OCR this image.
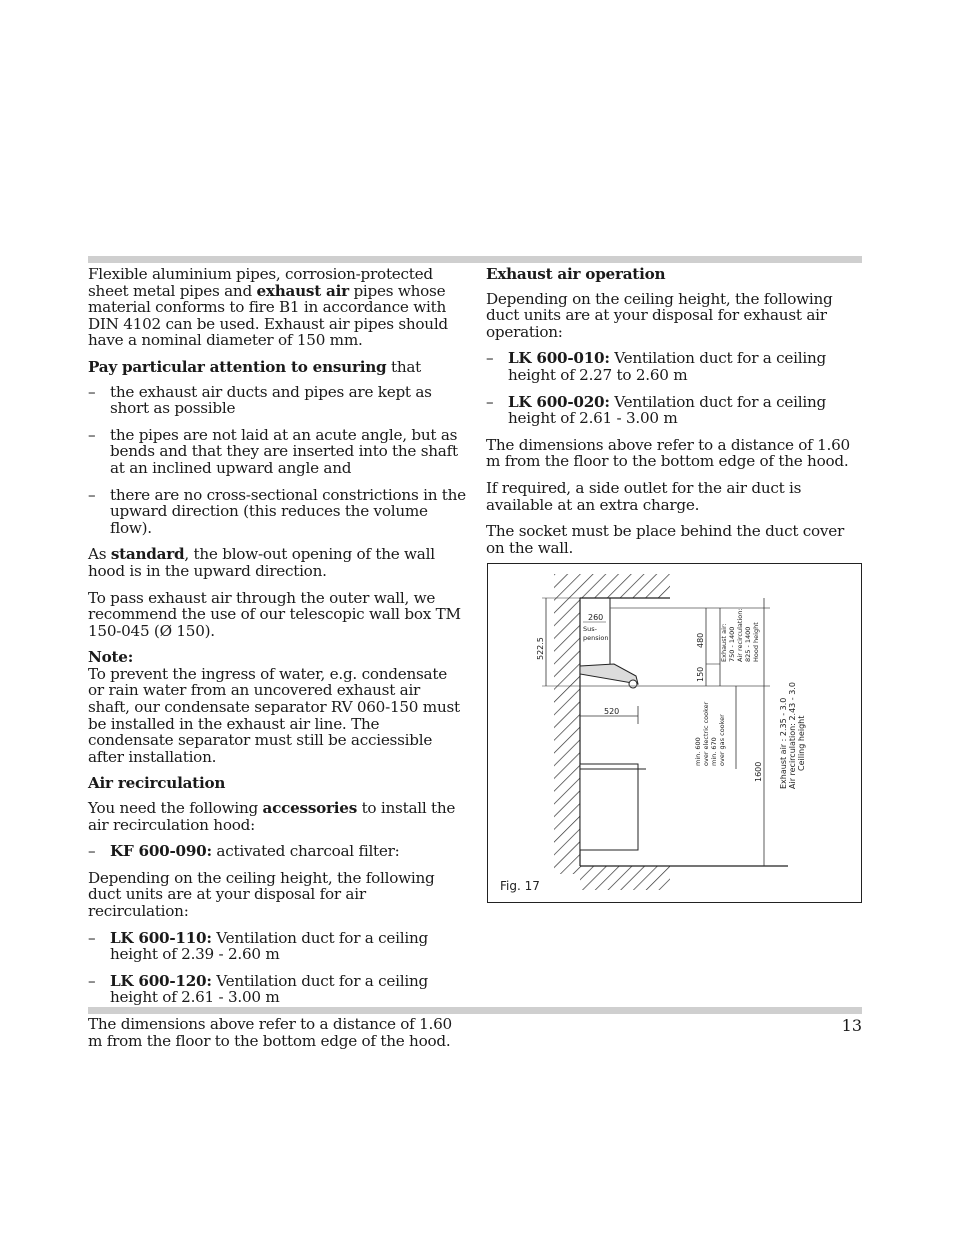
Flexible aluminium pipes, corrosion-protected sheet metal pipes and exhaust air pipes whose material conforms to fire B1 in accordance with DIN 4102 can be used. Exhaust air pipes should have a nominal diameter of 150 mm.

Pay particular attention to ensuring that

– the exhaust air ducts and pipes are kept as short as possible
– the pipes are not laid at an acute angle, but as bends and that they are inserted into the shaft at an inclined upward angle and
– there are no cross-sectional constrictions in the upward direction (this reduces the volume flow).

As standard, the blow-out opening of the wall hood is in the upward direction.

To pass exhaust air through the outer wall, we recommend the use of our telescopic wall box TM 150-045 (Ø 150).

Note:
To prevent the ingress of water, e.g. condensate or rain water from an uncovered exhaust air shaft, our condensate separator RV 060-150 must be installed in the exhaust air line. The condensate separator must still be acciessible after installation.

Air recirculation

You need the following accessories to install the air recirculation hood:

– KF 600-090: activated charcoal filter:

Depending on the ceiling height, the following duct units are at your disposal for air recirculation:

– LK 600-110: Ventilation duct for a ceiling height of 2.39 - 2.60 m
– LK 600-120: Ventilation duct for a ceiling height of 2.61 - 3.00 m

The dimensions above refer to a distance of 1.60 m from the floor to the bottom edge of the hood.

Exhaust air operation

Depending on the ceiling height, the following duct units are at your disposal for exhaust air operation:

– LK 600-010: Ventilation duct for a ceiling height of 2.27 to 2.60 m
– LK 600-020: Ventilation duct for a ceiling height of 2.61 - 3.00 m

The dimensions above refer to a distance of 1.60 m from the floor to the bottom edge of the hood.

If required, a side outlet for the air duct is available at an extra charge.

The socket must be place behind the duct cover on the wall.

260
Sus-
pension
520
522.5	480
150
1600
Exhaust air: 750 - 1400 Air recirculation: 825 - 1400 Hood height
min. 600 over electric cooker min. 670 over gas cooker	Exhaust air : 2.35 - 3.0 Air recirculation: 2.43 - 3.0 Ceiling height
Fig. 17
13
